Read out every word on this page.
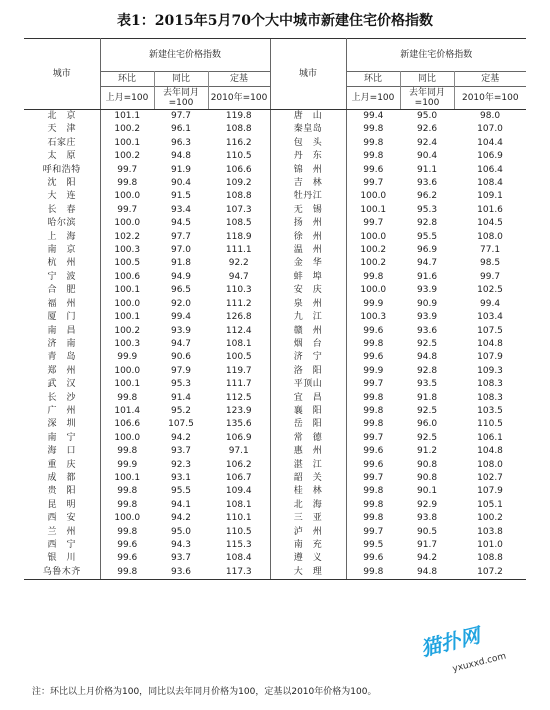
表1：2015年5月70个大中城市新建住宅价格指数
城市	新建住宅价格指数			城市	新建住宅价格指数		
	环比	同比	定基		环比	同比	定基
	上月=100	去年同月=100	2010年=100		上月=100	去年同月=100	2010年=100
北　京	101.1	97.7	119.8	唐　山	99.4	95.0	98.0
天　津	100.2	96.1	108.8	秦皇岛	99.8	92.6	107.0
石家庄	100.1	96.3	116.2	包　头	99.8	92.4	104.4
太　原	100.2	94.8	110.5	丹　东	99.8	90.4	106.9
呼和浩特	99.7	91.9	106.6	锦　州	99.6	91.1	106.4
沈　阳	99.8	90.4	109.2	吉　林	99.7	93.6	108.4
大　连	100.0	91.5	108.8	牡丹江	100.0	96.2	109.1
长　春	99.7	93.4	107.3	无　锡	100.1	95.3	101.6
哈尔滨	100.0	94.5	108.5	扬　州	99.7	92.8	104.5
上　海	102.2	97.7	118.9	徐　州	100.0	95.5	108.0
南　京	100.3	97.0	111.1	温　州	100.2	96.9	77.1
杭　州	100.5	91.8	92.2	金　华	100.2	94.7	98.5
宁　波	100.6	94.9	94.7	蚌　埠	99.8	91.6	99.7
合　肥	100.1	96.5	110.3	安　庆	100.0	93.9	102.5
福　州	100.0	92.0	111.2	泉　州	99.9	90.9	99.4
厦　门	100.1	99.4	126.8	九　江	100.3	93.9	103.4
南　昌	100.2	93.9	112.4	赣　州	99.6	93.6	107.5
济　南	100.3	94.7	108.1	烟　台	99.8	92.5	104.8
青　岛	99.9	90.6	100.5	济　宁	99.6	94.8	107.9
郑　州	100.0	97.9	119.7	洛　阳	99.9	92.8	109.3
武　汉	100.1	95.3	111.7	平顶山	99.7	93.5	108.3
长　沙	99.8	91.4	112.5	宜　昌	99.8	91.8	108.3
广　州	101.4	95.2	123.9	襄　阳	99.8	92.5	103.5
深　圳	106.6	107.5	135.6	岳　阳	99.8	96.0	110.5
南　宁	100.0	94.2	106.9	常　德	99.7	92.5	106.1
海　口	99.8	93.7	97.1	惠　州	99.6	91.2	104.8
重　庆	99.9	92.3	106.2	湛　江	99.6	90.8	108.0
成　都	100.1	93.1	106.7	韶　关	99.7	90.8	102.7
贵　阳	99.8	95.5	109.4	桂　林	99.8	90.1	107.9
昆　明	99.8	94.1	108.1	北　海	99.8	92.9	105.1
西　安	100.0	94.2	110.1	三　亚	99.8	93.8	100.2
兰　州	99.8	95.0	110.5	泸　州	99.7	90.5	103.8
西　宁	99.6	94.3	115.3	南　充	99.5	91.7	101.0
银　川	99.6	93.7	108.4	遵　义	99.6	94.2	108.8
乌鲁木齐	99.8	93.6	117.3	大　理	99.8	94.8	107.2
注：环比以上月价格为100，同比以去年同月价格为100，定基以2010年价格为100。
猫扑网
yxuxxd.com
